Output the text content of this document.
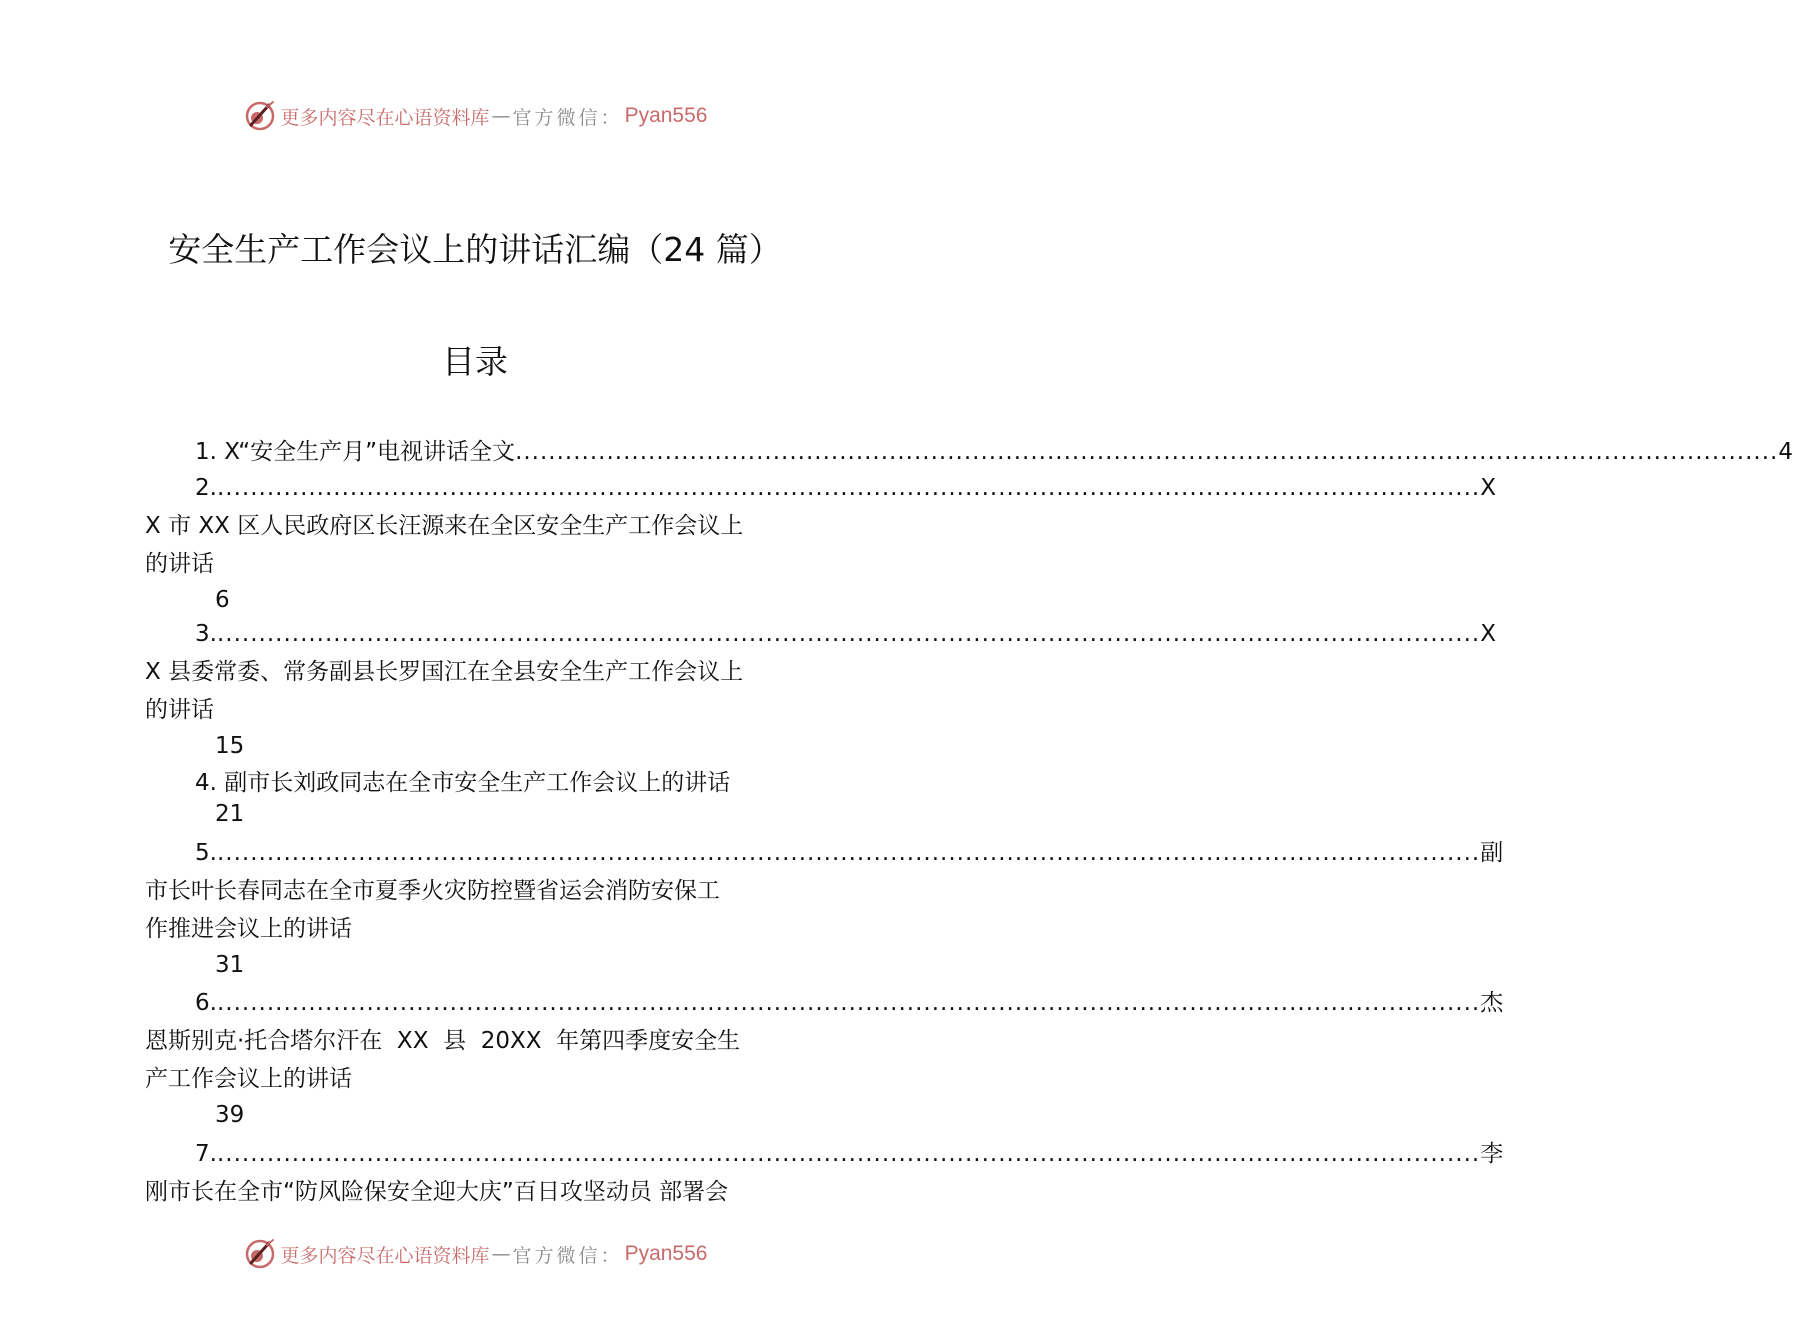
更多内容尽在心语资料库 — 官方微信： Pyan556
安全生产工作会议上的讲话汇编（24 篇）
目录
1. X“安全生产月”电视讲话全文 ........................................................................................................................................................ 4
2. ........................................................................................................................................................ X
X 市 XX 区人民政府区长汪源来在全区安全生产工作会议上
的讲话
6
3. ........................................................................................................................................................ X
X 县委常委、常务副县长罗国江在全县安全生产工作会议上
的讲话
15
4. 副市长刘政同志在全市安全生产工作会议上的讲话
21
5. ........................................................................................................................................................ 副
市长叶长春同志在全市夏季火灾防控暨省运会消防安保工
作推进会议上的讲话
31
6. ........................................................................................................................................................ 杰
恩斯别克·托合塔尔汗在  XX  县  20XX  年第四季度安全生
产工作会议上的讲话
39
7. ........................................................................................................................................................ 李
刚市长在全市“防风险保安全迎大庆”百日攻坚动员 部署会
更多内容尽在心语资料库 — 官方微信： Pyan556
